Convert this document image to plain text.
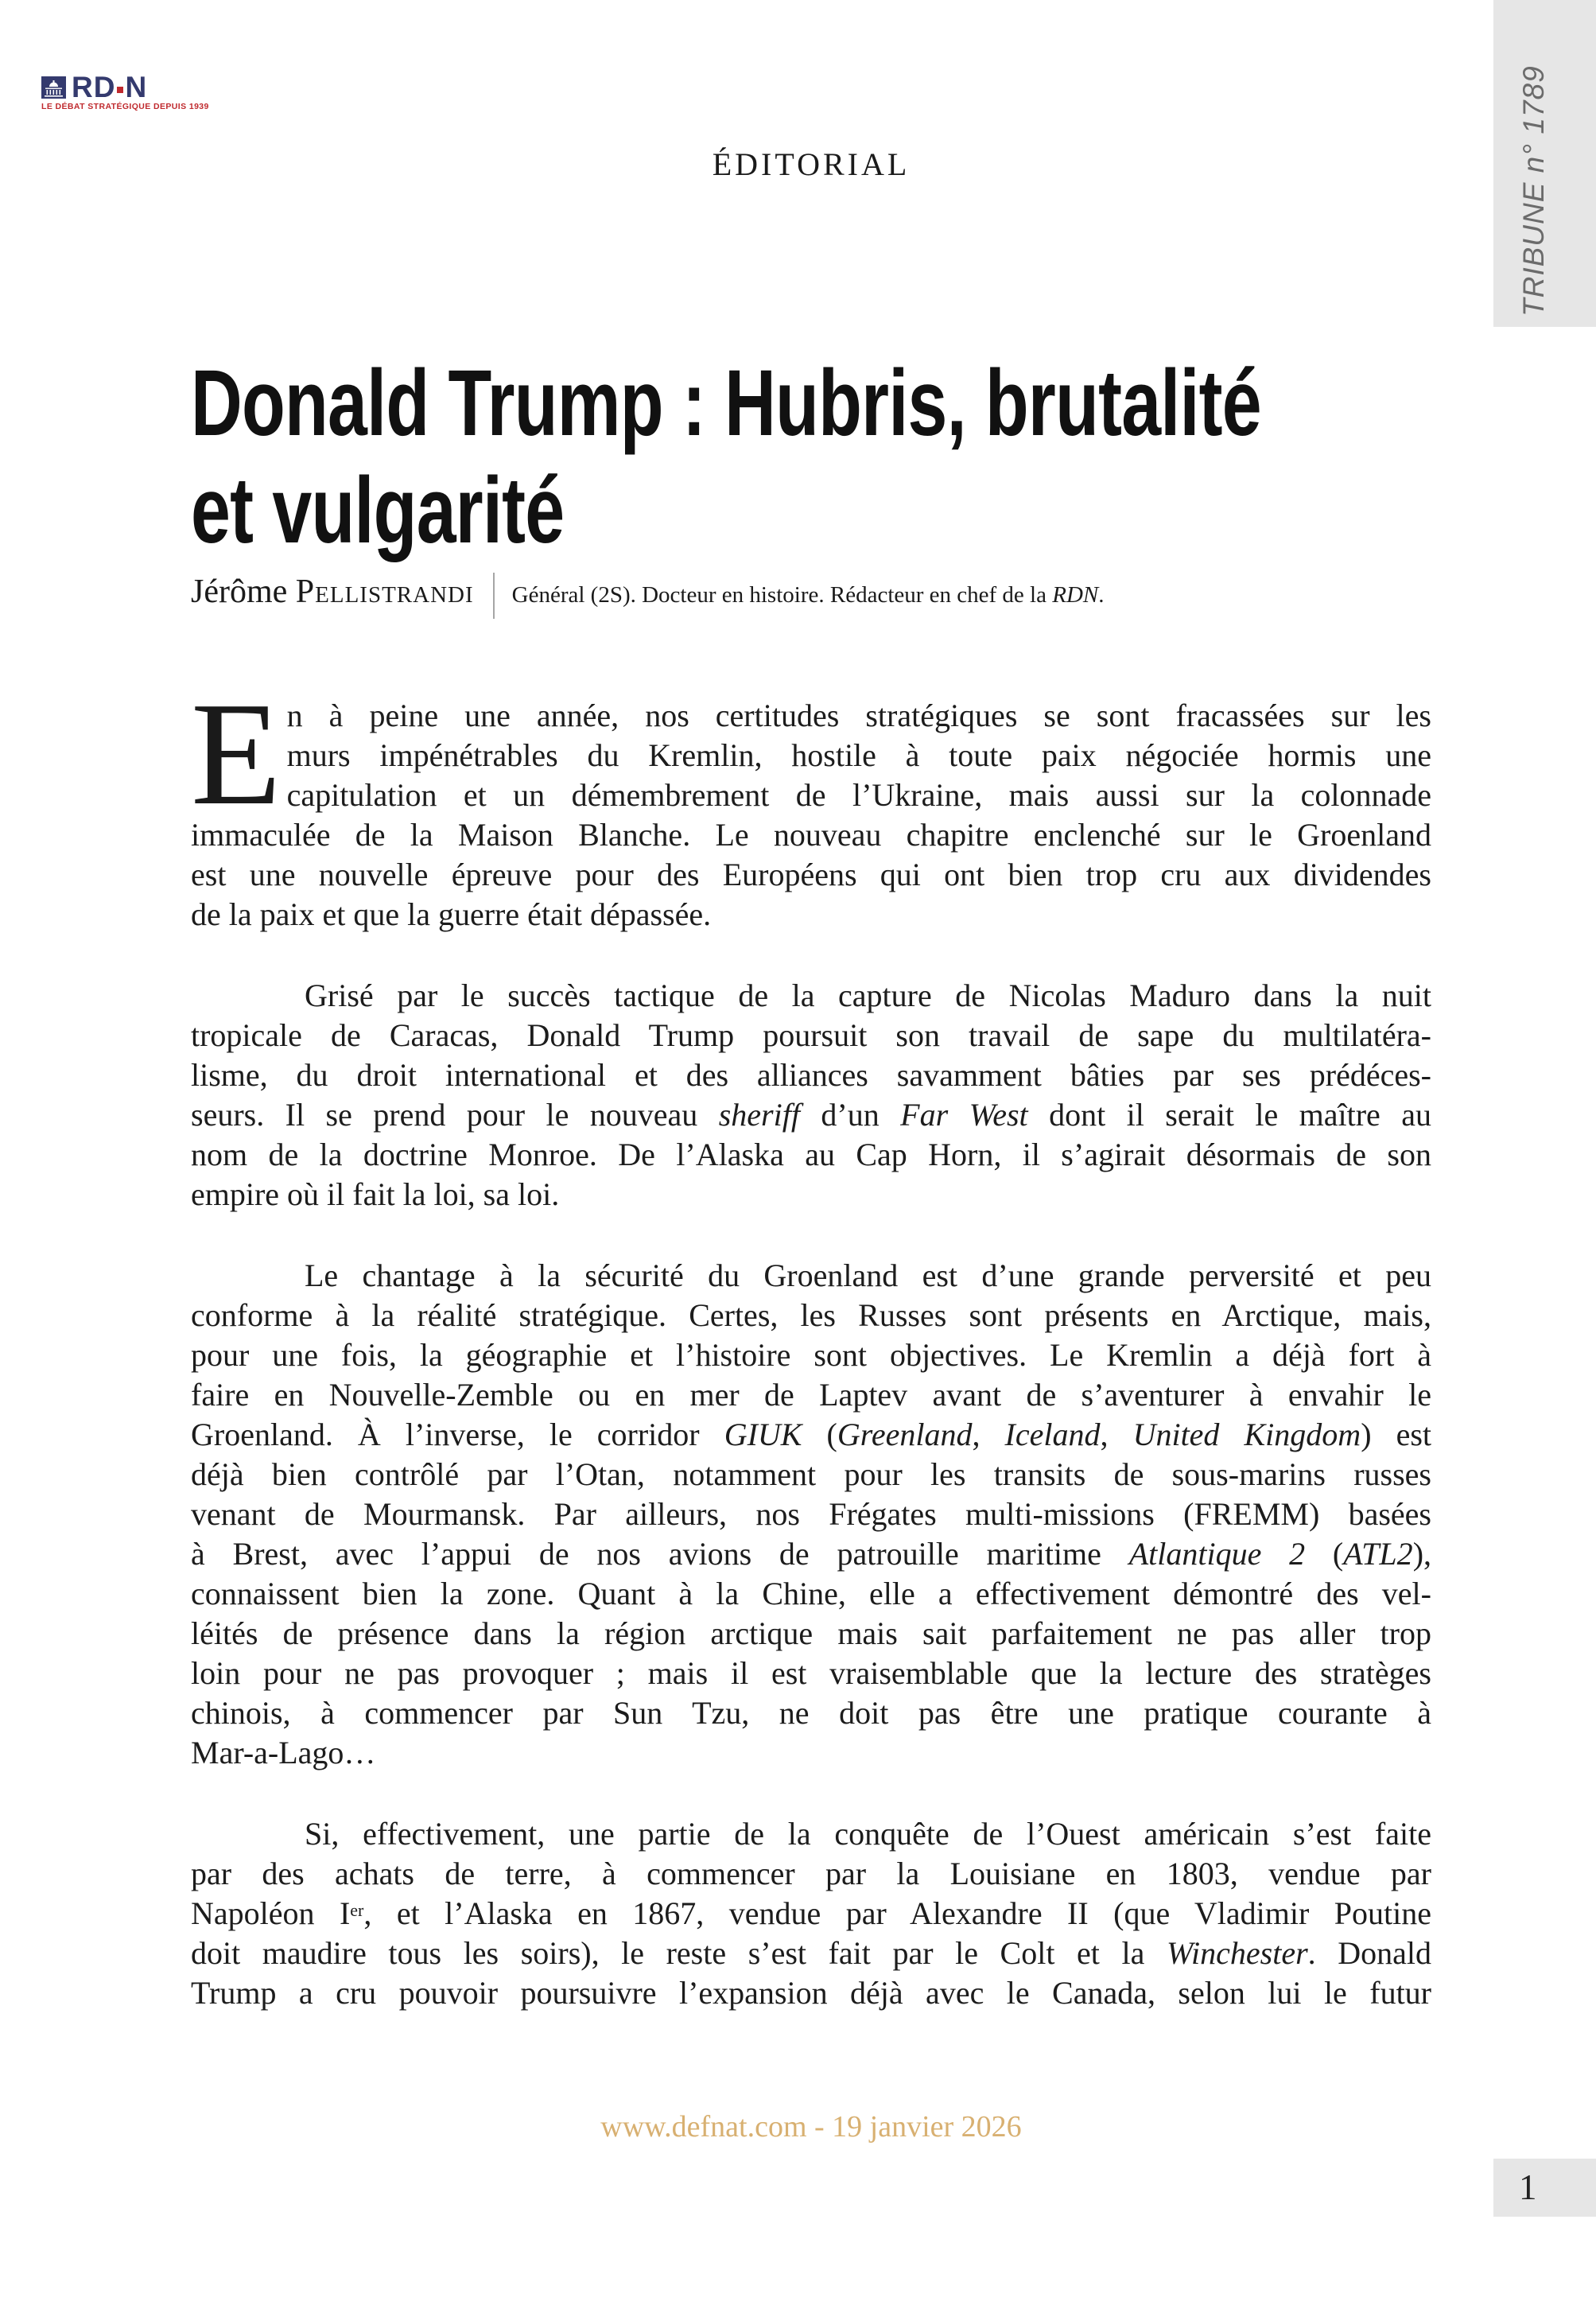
RD N
LE DÉBAT STRATÉGIQUE DEPUIS 1939
ÉDITORIAL	TRIBUNE n° 1789
Donald Trump : Hubris, brutalité
et vulgarité
Jérôme Pellistrandi Général (2S). Docteur en histoire. Rédacteur en chef de la RDN.
E n à peine une année, nos certitudes stratégiques se sont fracassées sur les
murs impénétrables du Kremlin, hostile à toute paix négociée hormis une
capitulation et un démembrement de l’Ukraine, mais aussi sur la colonnade
immaculée de la Maison Blanche. Le nouveau chapitre enclenché sur le Groenland
est une nouvelle épreuve pour des Européens qui ont bien trop cru aux dividendes
de la paix et que la guerre était dépassée.
Grisé par le succès tactique de la capture de Nicolas Maduro dans la nuit
tropicale de Caracas, Donald Trump poursuit son travail de sape du multilatéra-
lisme, du droit international et des alliances savamment bâties par ses prédéces-
seurs. Il se prend pour le nouveau sheriff d’un Far West dont il serait le maître au
nom de la doctrine Monroe. De l’Alaska au Cap Horn, il s’agirait désormais de son
empire où il fait la loi, sa loi.
Le chantage à la sécurité du Groenland est d’une grande perversité et peu
conforme à la réalité stratégique. Certes, les Russes sont présents en Arctique, mais,
pour une fois, la géographie et l’histoire sont objectives. Le Kremlin a déjà fort à
faire en Nouvelle-Zemble ou en mer de Laptev avant de s’aventurer à envahir le
Groenland. À l’inverse, le corridor GIUK (Greenland, Iceland, United Kingdom) est
déjà bien contrôlé par l’Otan, notamment pour les transits de sous-marins russes
venant de Mourmansk. Par ailleurs, nos Frégates multi-missions (FREMM) basées
à Brest, avec l’appui de nos avions de patrouille maritime Atlantique 2 (ATL2),
connaissent bien la zone. Quant à la Chine, elle a effectivement démontré des vel-
léités de présence dans la région arctique mais sait parfaitement ne pas aller trop
loin pour ne pas provoquer ; mais il est vraisemblable que la lecture des stratèges
chinois, à commencer par Sun Tzu, ne doit pas être une pratique courante à
Mar-a-Lago…
Si, effectivement, une partie de la conquête de l’Ouest américain s’est faite
par des achats de terre, à commencer par la Louisiane en 1803, vendue par
Napoléon Ier, et l’Alaska en 1867, vendue par Alexandre II (que Vladimir Poutine
doit maudire tous les soirs), le reste s’est fait par le Colt et la Winchester. Donald
Trump a cru pouvoir poursuivre l’expansion déjà avec le Canada, selon lui le futur
www.defnat.com - 19 janvier 2026
1
